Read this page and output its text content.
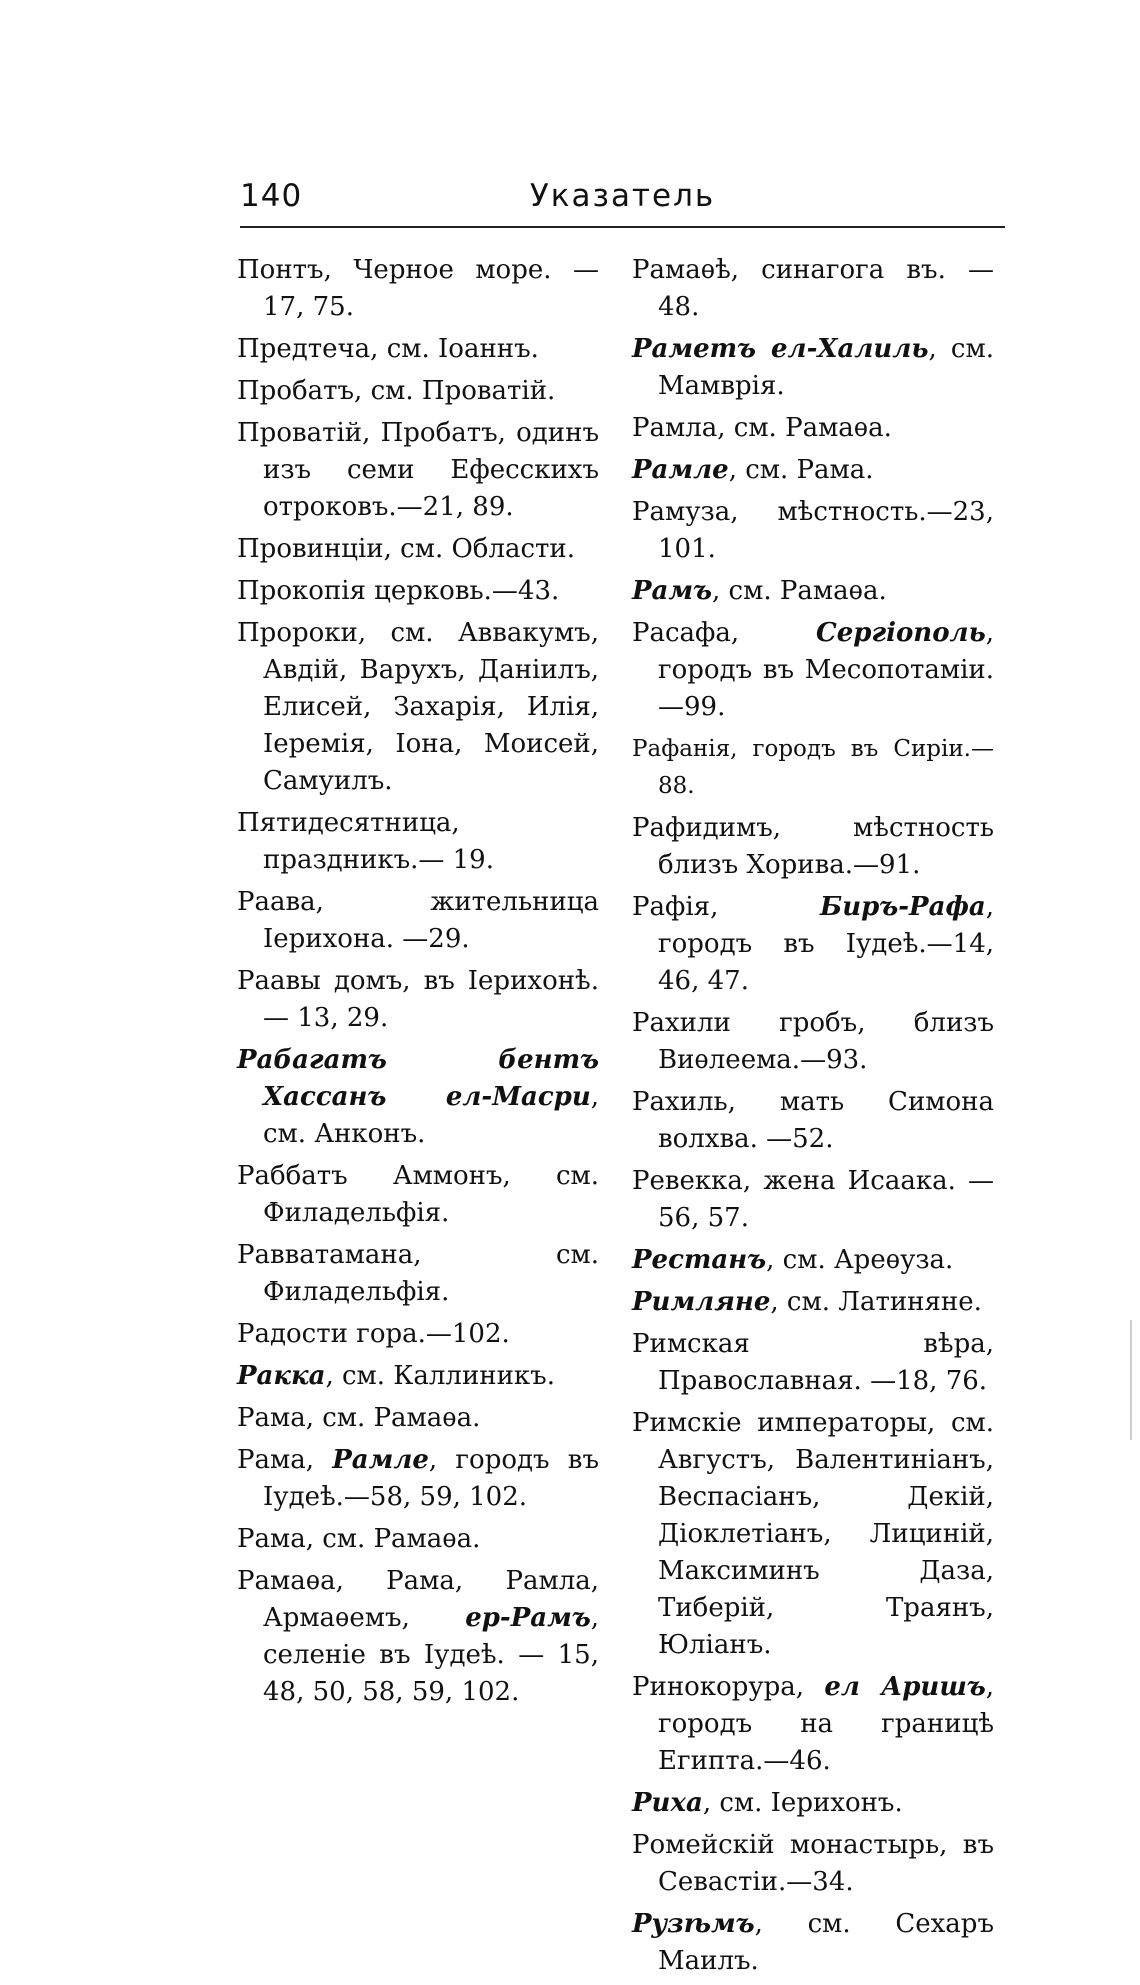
140	Указатель

Понтъ, Черное море. — 17, 75.

Предтеча, см. Іоаннъ.

Пробатъ, см. Проватій.

Проватій, Пробатъ, одинъ изъ семи Ефесскихъ отроковъ.—21, 89.

Провинціи, см. Области.

Прокопія церковь.—43.

Пророки, см. Аввакумъ, Авдій, Варухъ, Даніилъ, Елисей, Захарія, Илія, Іеремія, Іона, Моисей, Самуилъ.

Пятидесятница, праздникъ.— 19.

Раава, жительница Іерихона. —29.

Раавы домъ, въ Іерихонѣ. — 13, 29.

Рабагатъ бентъ Хассанъ ел-Масри, см. Анконъ.

Раббатъ Аммонъ, см. Филадельфія.

Равватамана, см. Филадельфія.

Радости гора.—102.

Ракка, см. Каллиникъ.

Рама, см. Рамаѳа.

Рама, Рамле, городъ въ Іудеѣ.—58, 59, 102.

Рама, см. Рамаѳа.

Рамаѳа, Рама, Рамла, Армаѳемъ, ер-Рамъ, селеніе въ Іудеѣ. — 15, 48, 50, 58, 59, 102.

Рамаѳѣ, синагога въ. — 48.

Раметъ ел-Халиль, см. Мамврія.

Рамла, см. Рамаѳа.

Рамле, см. Рама.

Рамуза, мѣстность.—23, 101.

Рамъ, см. Рамаѳа.

Расафа, Сергіополь, городъ въ Месопотаміи.—99.

Рафанія, городъ въ Сиріи.—88.

Рафидимъ, мѣстность близъ Хорива.—91.

Рафія, Биръ-Рафа, городъ въ Іудеѣ.—14, 46, 47.

Рахили гробъ, близъ Виѳлеема.—93.

Рахиль, мать Симона волхва. —52.

Ревекка, жена Исаака. — 56, 57.

Рестанъ, см. Ареѳуза.

Римляне, см. Латиняне.

Римская вѣра, Православная. —18, 76.

Римскіе императоры, см. Августъ, Валентиніанъ, Веспасіанъ, Декій, Діоклетіанъ, Лициній, Максиминъ Даза, Тиберій, Траянъ, Юліанъ.

Ринокорура, ел Аришъ, городъ на границѣ Египта.—46.

Риха, см. Іерихонъ.

Ромейскій монастырь, въ Севастіи.—34.

Рузѣмъ, см. Сехаръ Маилъ.
